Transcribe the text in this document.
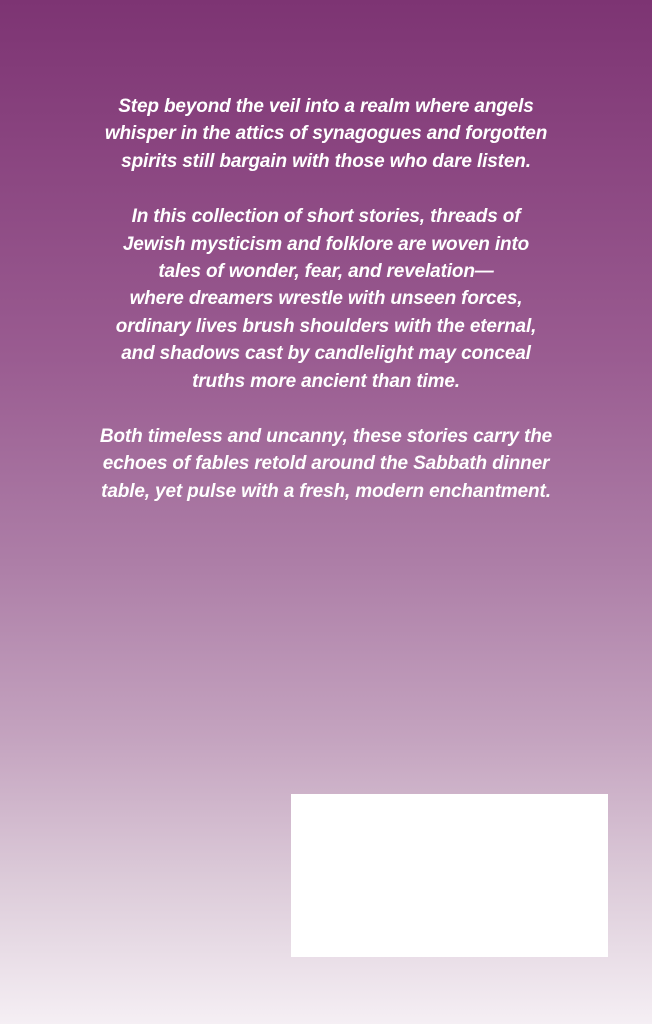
Step beyond the veil into a realm where angels
whisper in the attics of synagogues and forgotten
spirits still bargain with those who dare listen.

In this collection of short stories, threads of
Jewish mysticism and folklore are woven into
tales of wonder, fear, and revelation—
where dreamers wrestle with unseen forces,
ordinary lives brush shoulders with the eternal,
and shadows cast by candlelight may conceal
truths more ancient than time.

Both timeless and uncanny, these stories carry the
echoes of fables retold around the Sabbath dinner
table, yet pulse with a fresh, modern enchantment.
